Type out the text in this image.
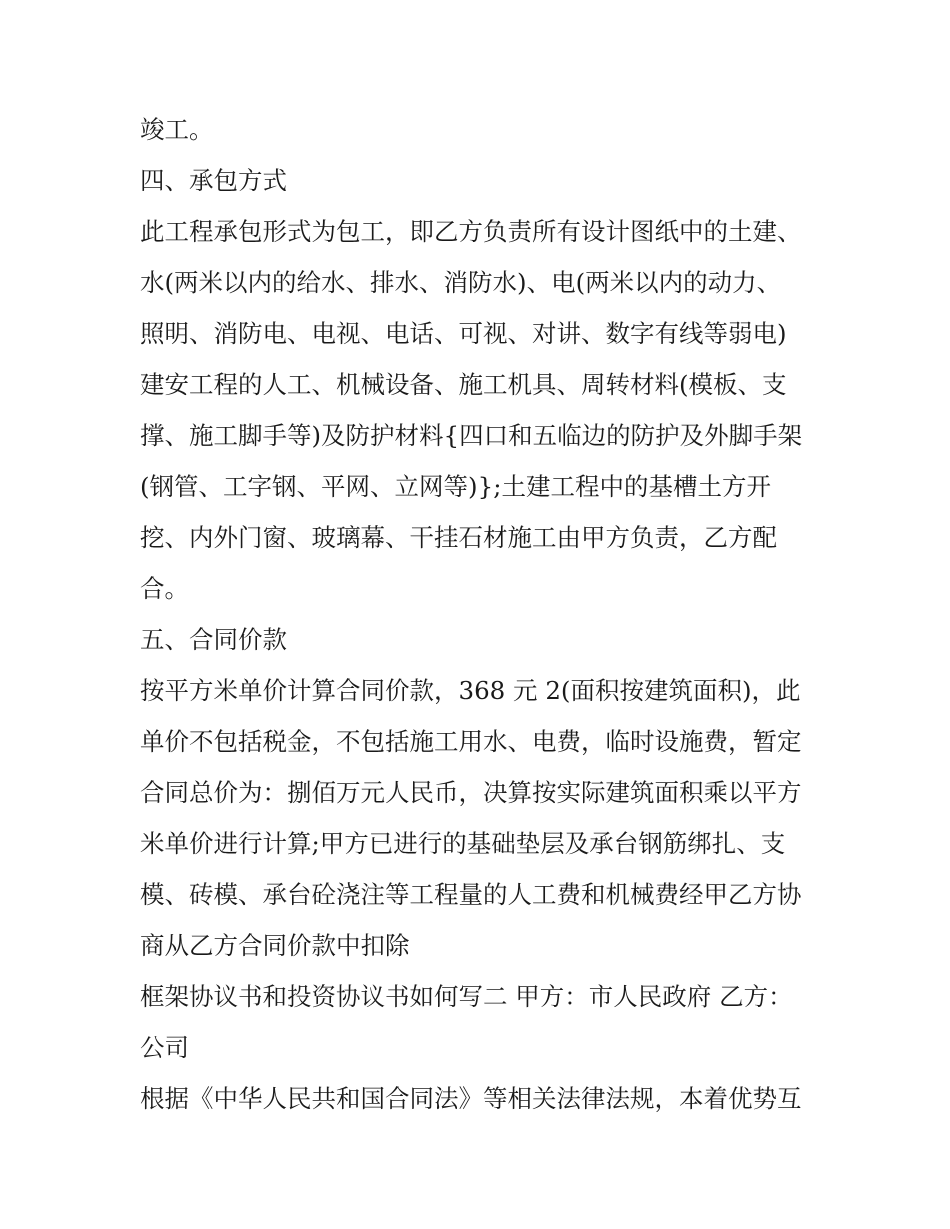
竣工。

四、承包方式

此工程承包形式为包工，即乙方负责所有设计图纸中的土建、

水(两米以内的给水、排水、消防水)、电(两米以内的动力、

照明、消防电、电视、电话、可视、对讲、数字有线等弱电)

建安工程的人工、机械设备、施工机具、周转材料(模板、支

撑、施工脚手等)及防护材料{四口和五临边的防护及外脚手架

(钢管、工字钢、平网、立网等)};土建工程中的基槽土方开

挖、内外门窗、玻璃幕、干挂石材施工由甲方负责，乙方配

合。

五、合同价款

按平方米单价计算合同价款，368 元 2(面积按建筑面积)，此

单价不包括税金，不包括施工用水、电费，临时设施费，暂定

合同总价为：捌佰万元人民币，决算按实际建筑面积乘以平方

米单价进行计算;甲方已进行的基础垫层及承台钢筋绑扎、支

模、砖模、承台砼浇注等工程量的人工费和机械费经甲乙方协

商从乙方合同价款中扣除

框架协议书和投资协议书如何写二 甲方：市人民政府 乙方：

公司

根据《中华人民共和国合同法》等相关法律法规，本着优势互
